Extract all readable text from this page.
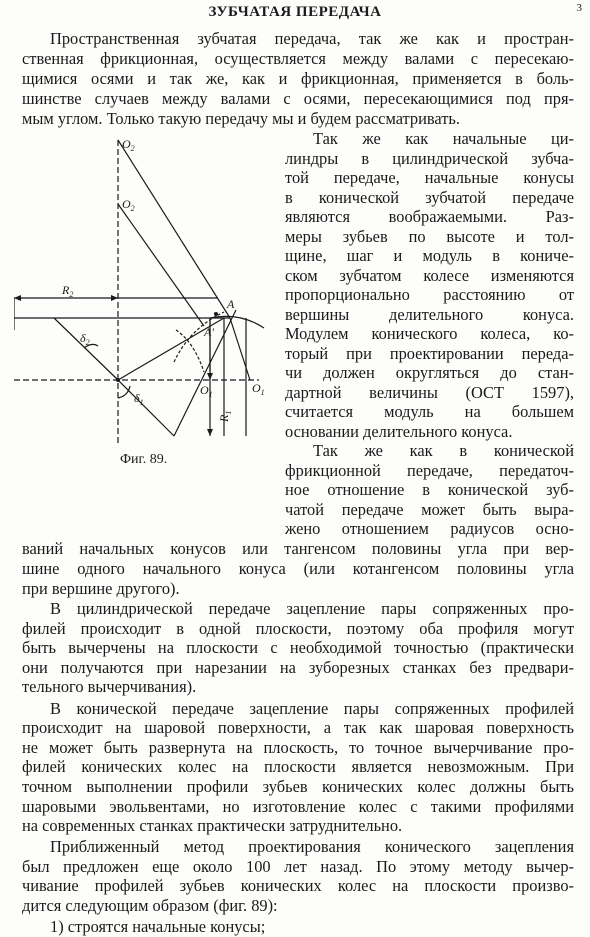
3
ЗУБЧАТАЯ ПЕРЕДАЧА
Пространственная зубчатая передача, так же как и простран-
ственная фрикционная, осуществляется между валами с пересекаю-
щимися осями и так же, как и фрикционная, применяется в боль-
шинстве случаев между валами с осями, пересекающимися под пря-
мым углом. Только такую передачу мы и будем рассматривать.
Так же как начальные ци-
линдры в цилиндрической зубча-
той передаче, начальные конусы
в конической зубчатой передаче
являются воображаемыми. Раз-
меры зубьев по высоте и тол-
щине, шаг и модуль в кониче-
ском зубчатом колесе изменяются
пропорционально расстоянию от
вершины делительного конуса.
Модулем конического колеса, ко-
торый при проектировании переда-
чи должен округляться до стан-
дартной величины (ОСТ 1597),
считается модуль на большем
основании делительного конуса.
Так же как в конической
фрикционной передаче, передаточ-
ное отношение в конической зуб-
чатой передаче может быть выра-
жено отношением радиусов осно-
ваний начальных конусов или тангенсом половины угла при вер-
шине одного начального конуса (или котангенсом половины угла
при вершине другого).
$O_2$
$O_2$
$R_2$
$\delta_2$
$\delta_1$
A
A'
$O_1$
$O_1$
$R_1$
Фиг. 89.
В цилиндрической передаче зацепление пары сопряженных про-
филей происходит в одной плоскости, поэтому оба профиля могут
быть вычерчены на плоскости с необходимой точностью (практически
они получаются при нарезании на зуборезных станках без предвари-
тельного вычерчивания).
В конической передаче зацепление пары сопряженных профилей
происходит на шаровой поверхности, а так как шаровая поверхность
не может быть развернута на плоскость, то точное вычерчивание про-
филей конических колес на плоскости является невозможным. При
точном выполнении профили зубьев конических колес должны быть
шаровыми эвольвентами, но изготовление колес с такими профилями
на современных станках практически затруднительно.
Приближенный метод проектирования конического зацепления
был предложен еще около 100 лет назад. По этому методу вычер-
чивание профилей зубьев конических колес на плоскости произво-
дится следующим образом (фиг. 89):
1) строятся начальные конусы;
